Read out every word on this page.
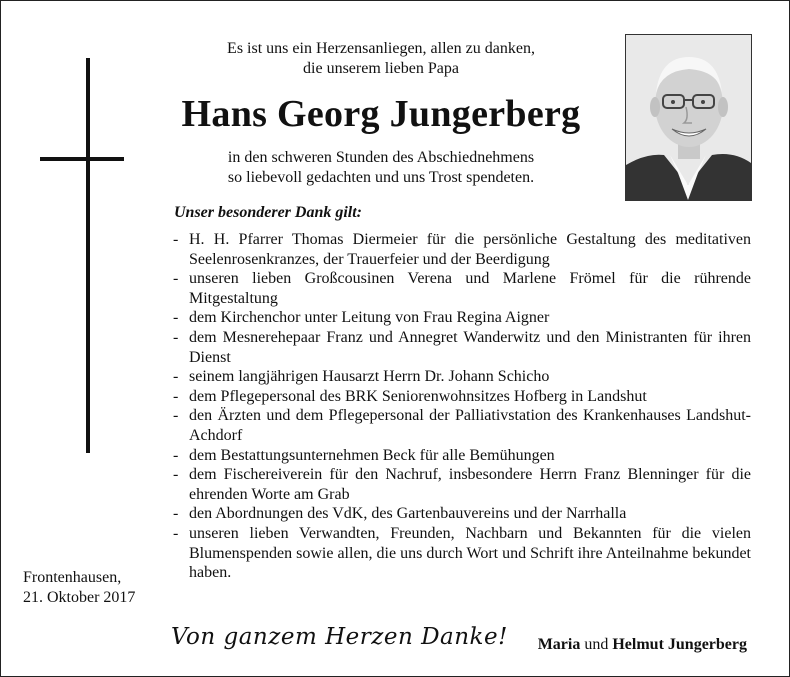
Es ist uns ein Herzensanliegen, allen zu danken,
die unserem lieben Papa
Hans Georg Jungerberg
in den schweren Stunden des Abschiednehmens
so liebevoll gedachten und uns Trost spendeten.
Unser besonderer Dank gilt:
- H. H. Pfarrer Thomas Diermeier für die persönliche Gestaltung des meditativen Seelenrosenkranzes, der Trauerfeier und der Beerdigung
- unseren lieben Großcousinen Verena und Marlene Frömel für die rührende Mitgestaltung
- dem Kirchenchor unter Leitung von Frau Regina Aigner
- dem Mesnerehepaar Franz und Annegret Wanderwitz und den Ministranten für ihren Dienst
- seinem langjährigen Hausarzt Herrn Dr. Johann Schicho
- dem Pflegepersonal des BRK Seniorenwohnsitzes Hofberg in Landshut
- den Ärzten und dem Pflegepersonal der Palliativstation des Krankenhauses Landshut-Achdorf
- dem Bestattungsunternehmen Beck für alle Bemühungen
- dem Fischereiverein für den Nachruf, insbesondere Herrn Franz Blenninger für die ehrenden Worte am Grab
- den Abordnungen des VdK, des Gartenbauvereins und der Narrhalla
- unseren lieben Verwandten, Freunden, Nachbarn und Bekannten für die vielen Blumenspenden sowie allen, die uns durch Wort und Schrift ihre Anteilnahme bekundet haben.
Frontenhausen,
21. Oktober 2017
Von ganzem Herzen Danke! Maria und Helmut Jungerberg
